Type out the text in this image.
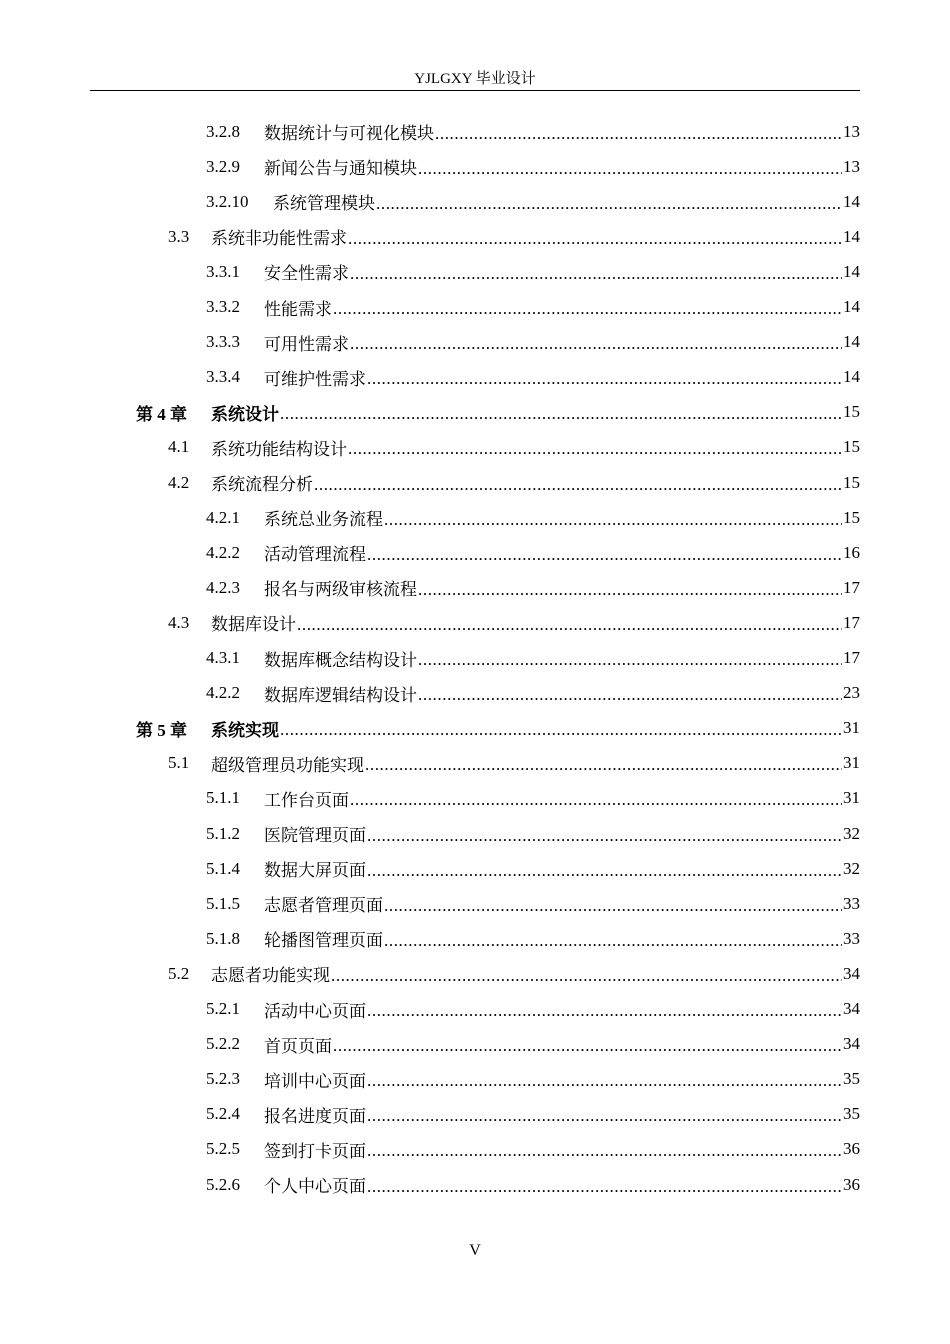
YJLGXY 毕业设计
3.2.8	数据统计与可视化模块 .....	13
3.2.9	新闻公告与通知模块 .....	13
3.2.10	系统管理模块 .....	14
3.3	系统非功能性需求 .....	14
3.3.1	安全性需求 .....	14
3.3.2	性能需求 .....	14
3.3.3	可用性需求 .....	14
3.3.4	可维护性需求 .....	14
第 4 章	系统设计 .....	15
4.1	系统功能结构设计 .....	15
4.2	系统流程分析 .....	15
4.2.1	系统总业务流程 .....	15
4.2.2	活动管理流程 .....	16
4.2.3	报名与两级审核流程 .....	17
4.3	数据库设计 .....	17
4.3.1	数据库概念结构设计 .....	17
4.2.2	数据库逻辑结构设计 .....	23
第 5 章	系统实现 .....	31
5.1	超级管理员功能实现 .....	31
5.1.1	工作台页面 .....	31
5.1.2	医院管理页面 .....	32
5.1.4	数据大屏页面 .....	32
5.1.5	志愿者管理页面 .....	33
5.1.8	轮播图管理页面 .....	33
5.2	志愿者功能实现 .....	34
5.2.1	活动中心页面 .....	34
5.2.2	首页页面 .....	34
5.2.3	培训中心页面 .....	35
5.2.4	报名进度页面 .....	35
5.2.5	签到打卡页面 .....	36
5.2.6	个人中心页面 .....	36
V
